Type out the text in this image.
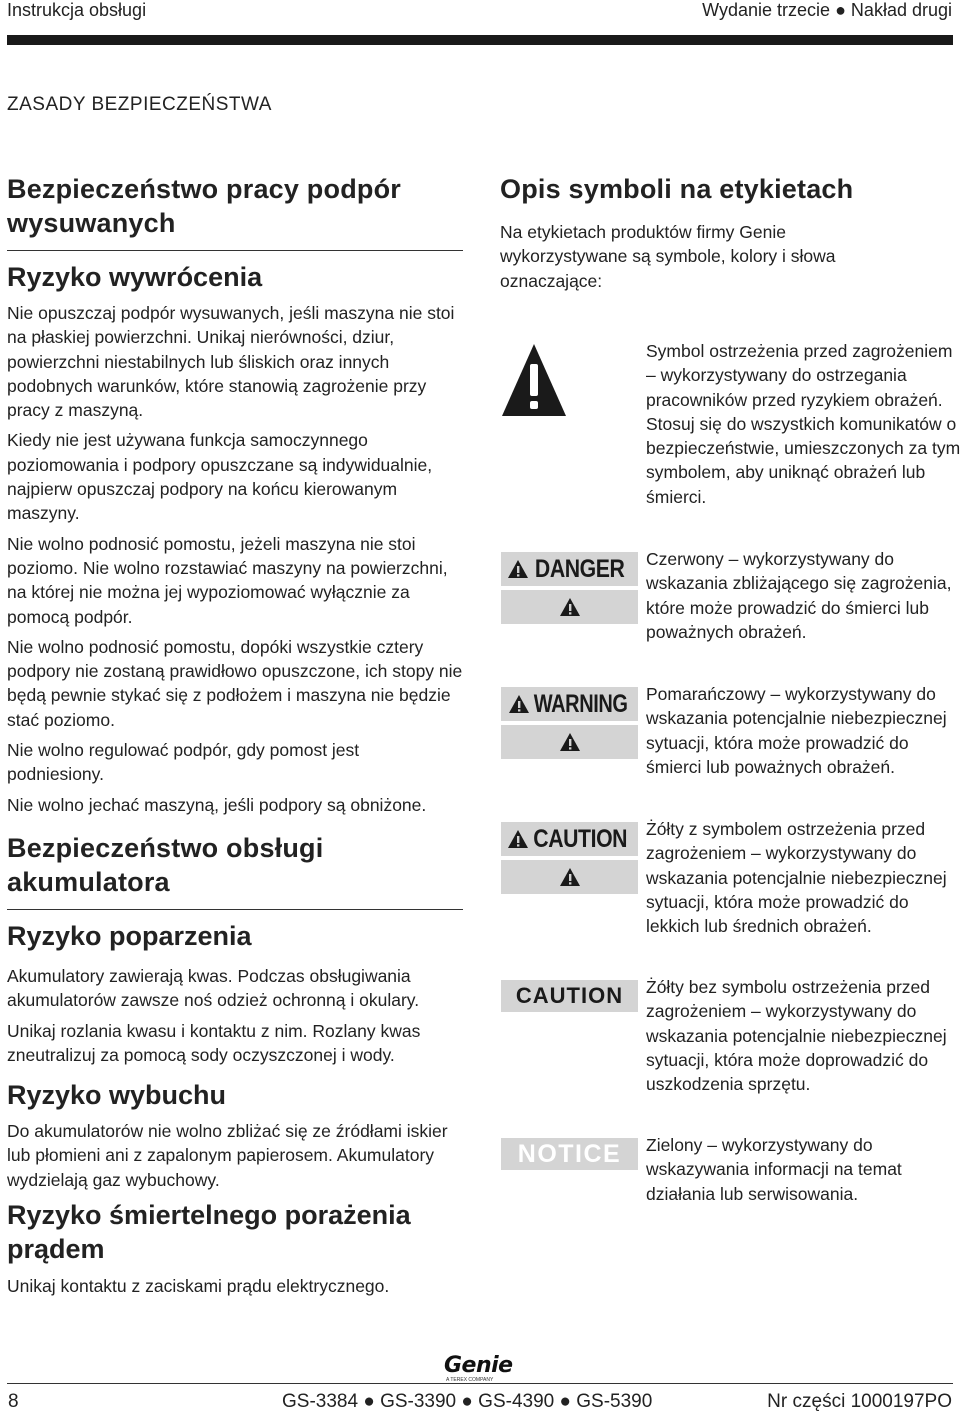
Instrukcja obsługi	Wydanie trzecie ● Nakład drugi
ZASADY BEZPIECZEŃSTWA
Bezpieczeństwo pracy podpór wysuwanych
Ryzyko wywrócenia

Nie opuszczaj podpór wysuwanych, jeśli maszyna nie stoi na płaskiej powierzchni. Unikaj nierówności, dziur, powierzchni niestabilnych lub śliskich oraz innych podobnych warunków, które stanowią zagrożenie przy pracy z maszyną.

Kiedy nie jest używana funkcja samoczynnego poziomowania i podpory opuszczane są indywidualnie, najpierw opuszczaj podpory na końcu kierowanym maszyny.

Nie wolno podnosić pomostu, jeżeli maszyna nie stoi poziomo. Nie wolno rozstawiać maszyny na powierzchni, na której nie można jej wypoziomować wyłącznie za pomocą podpór.

Nie wolno podnosić pomostu, dopóki wszystkie cztery podpory nie zostaną prawidłowo opuszczone, ich stopy nie będą pewnie stykać się z podłożem i maszyna nie będzie stać poziomo.

Nie wolno regulować podpór, gdy pomost jest podniesiony.

Nie wolno jechać maszyną, jeśli podpory są obniżone.

Bezpieczeństwo obsługi akumulatora
Ryzyko poparzenia

Akumulatory zawierają kwas. Podczas obsługiwania akumulatorów zawsze noś odzież ochronną i okulary.

Unikaj rozlania kwasu i kontaktu z nim. Rozlany kwas zneutralizuj za pomocą sody oczyszczonej i wody.

Ryzyko wybuchu

Do akumulatorów nie wolno zbliżać się ze źródłami iskier lub płomieni ani z zapalonym papierosem. Akumulatory wydzielają gaz wybuchowy.

Ryzyko śmiertelnego porażenia prądem

Unikaj kontaktu z zaciskami prądu elektrycznego.

Opis symboli na etykietach

Na etykietach produktów firmy Genie wykorzystywane są symbole, kolory i słowa oznaczające:

Symbol ostrzeżenia przed zagrożeniem – wykorzystywany do ostrzegania pracowników przed ryzykiem obrażeń. Stosuj się do wszystkich komunikatów o bezpieczeństwie, umieszczonych za tym symbolem, aby uniknąć obrażeń lub śmierci.
DANGER Czerwony – wykorzystywany do wskazania zbliżającego się zagrożenia, które może prowadzić do śmierci lub poważnych obrażeń.
WARNING Pomarańczowy – wykorzystywany do wskazania potencjalnie niebezpiecznej sytuacji, która może prowadzić do śmierci lub poważnych obrażeń.
CAUTION Żółty z symbolem ostrzeżenia przed zagrożeniem – wykorzystywany do wskazania potencjalnie niebezpiecznej sytuacji, która może prowadzić do lekkich lub średnich obrażeń.
CAUTION Żółty bez symbolu ostrzeżenia przed zagrożeniem – wykorzystywany do wskazania potencjalnie niebezpiecznej sytuacji, która może doprowadzić do uszkodzenia sprzętu.
NOTICE Zielony – wykorzystywany do wskazywania informacji na temat działania lub serwisowania.
Genie
A TEREX COMPANY
8	GS-3384 ● GS-3390 ● GS-4390 ● GS-5390	Nr części 1000197PO
